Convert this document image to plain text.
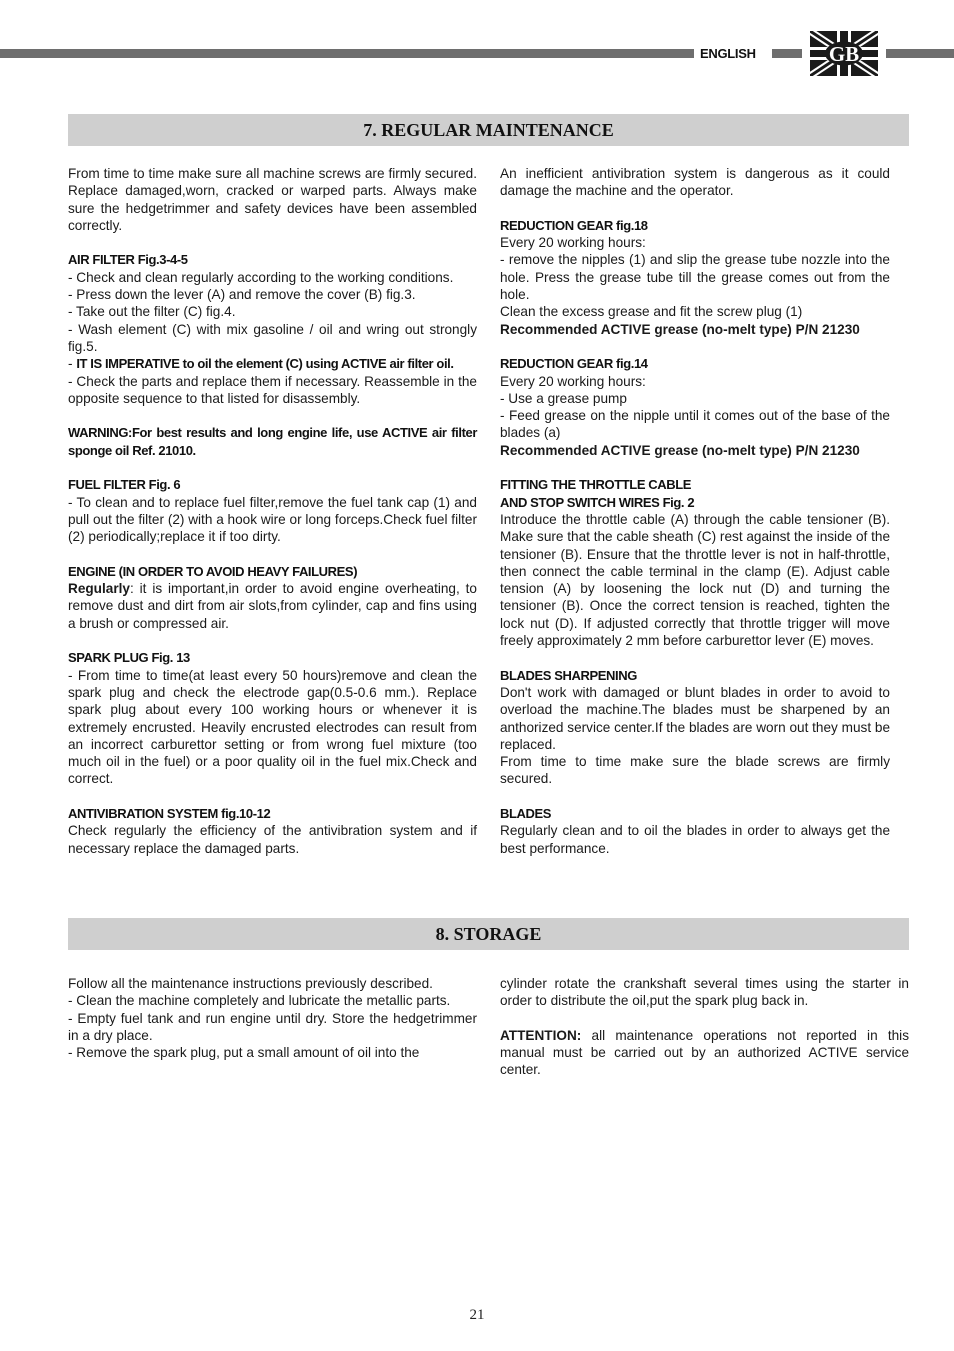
ENGLISH	GB
7. REGULAR MAINTENANCE

From time to time make sure all machine screws are firmly secured. Replace damaged,worn, cracked or warped parts. Always make sure the hedgetrimmer and safety devices have been assembled correctly.

AIR FILTER Fig.3-4-5

- Check and clean regularly according to the working conditions.

- Press down the lever (A) and remove the cover (B) fig.3.

- Take out the filter (C) fig.4.

- Wash element (C) with mix gasoline / oil and wring out strongly fig.5.

- IT IS IMPERATIVE to oil the element (C) using ACTIVE air filter oil.

- Check the parts and replace them if necessary. Reassemble in the opposite sequence to that listed for disassembly.

WARNING:For best results and long engine life, use ACTIVE air filter sponge oil Ref. 21010.

FUEL FILTER Fig. 6

- To clean and to replace fuel filter,remove the fuel tank cap (1) and pull out the filter (2) with a hook wire or long forceps.Check fuel filter (2) periodically;replace it if too dirty.

ENGINE (IN ORDER TO AVOID HEAVY FAILURES)

Regularly: it is important,in order to avoid engine overheating, to remove dust and dirt from air slots,from cylinder, cap and fins using a brush or compressed air.

SPARK PLUG Fig. 13

- From time to time(at least every 50 hours)remove and clean the spark plug and check the electrode gap(0.5-0.6 mm.). Replace spark plug about every 100 working hours or whenever it is extremely encrusted. Heavily encrusted electrodes can result from an incorrect carburettor setting or from wrong fuel mixture (too much oil in the fuel) or a poor quality oil in the fuel mix.Check and correct.

ANTIVIBRATION SYSTEM fig.10-12

Check regularly the efficiency of the antivibration system and if necessary replace the damaged parts.

An inefficient antivibration system is dangerous as it could damage the machine and the operator.

REDUCTION GEAR fig.18

Every 20 working hours:

- remove the nipples (1) and slip the grease tube nozzle into the hole. Press the grease tube till the grease comes out from the hole.

Clean the excess grease and fit the screw plug (1)

Recommended ACTIVE grease (no-melt type) P/N 21230

REDUCTION GEAR fig.14

Every 20 working hours:

- Use a grease pump

- Feed grease on the nipple until it comes out of the base of the blades (a)

Recommended ACTIVE grease (no-melt type) P/N 21230

FITTING THE THROTTLE CABLE

AND STOP SWITCH WIRES Fig. 2

Introduce the throttle cable (A) through the cable tensioner (B). Make sure that the cable sheath (C) rest against the inside of the tensioner (B). Ensure that the throttle lever is not in half-throttle, then connect the cable terminal in the clamp (E). Adjust cable tension (A) by loosening the lock nut (D) and turning the tensioner (B). Once the correct tension is reached, tighten the lock nut (D). If adjusted correctly that throttle trigger will move freely approximately 2 mm before carburettor lever (E) moves.

BLADES SHARPENING

Don't work with damaged or blunt blades in order to avoid to overload the machine.The blades must be sharpened by an anthorized service center.If the blades are worn out they must be replaced.

From time to time make sure the blade screws are firmly secured.

BLADES

Regularly clean and to oil the blades in order to always get the best performance.

8. STORAGE

Follow all the maintenance instructions previously described.

- Clean the machine completely and lubricate the metallic parts.

- Empty fuel tank and run engine until dry. Store the hedgetrimmer in a dry place.

- Remove the spark plug, put a small amount of oil into the

cylinder rotate the crankshaft several times using the starter in order to distribute the oil,put the spark plug back in.

ATTENTION: all maintenance operations not reported in this manual must be carried out by an authorized ACTIVE service center.

21
